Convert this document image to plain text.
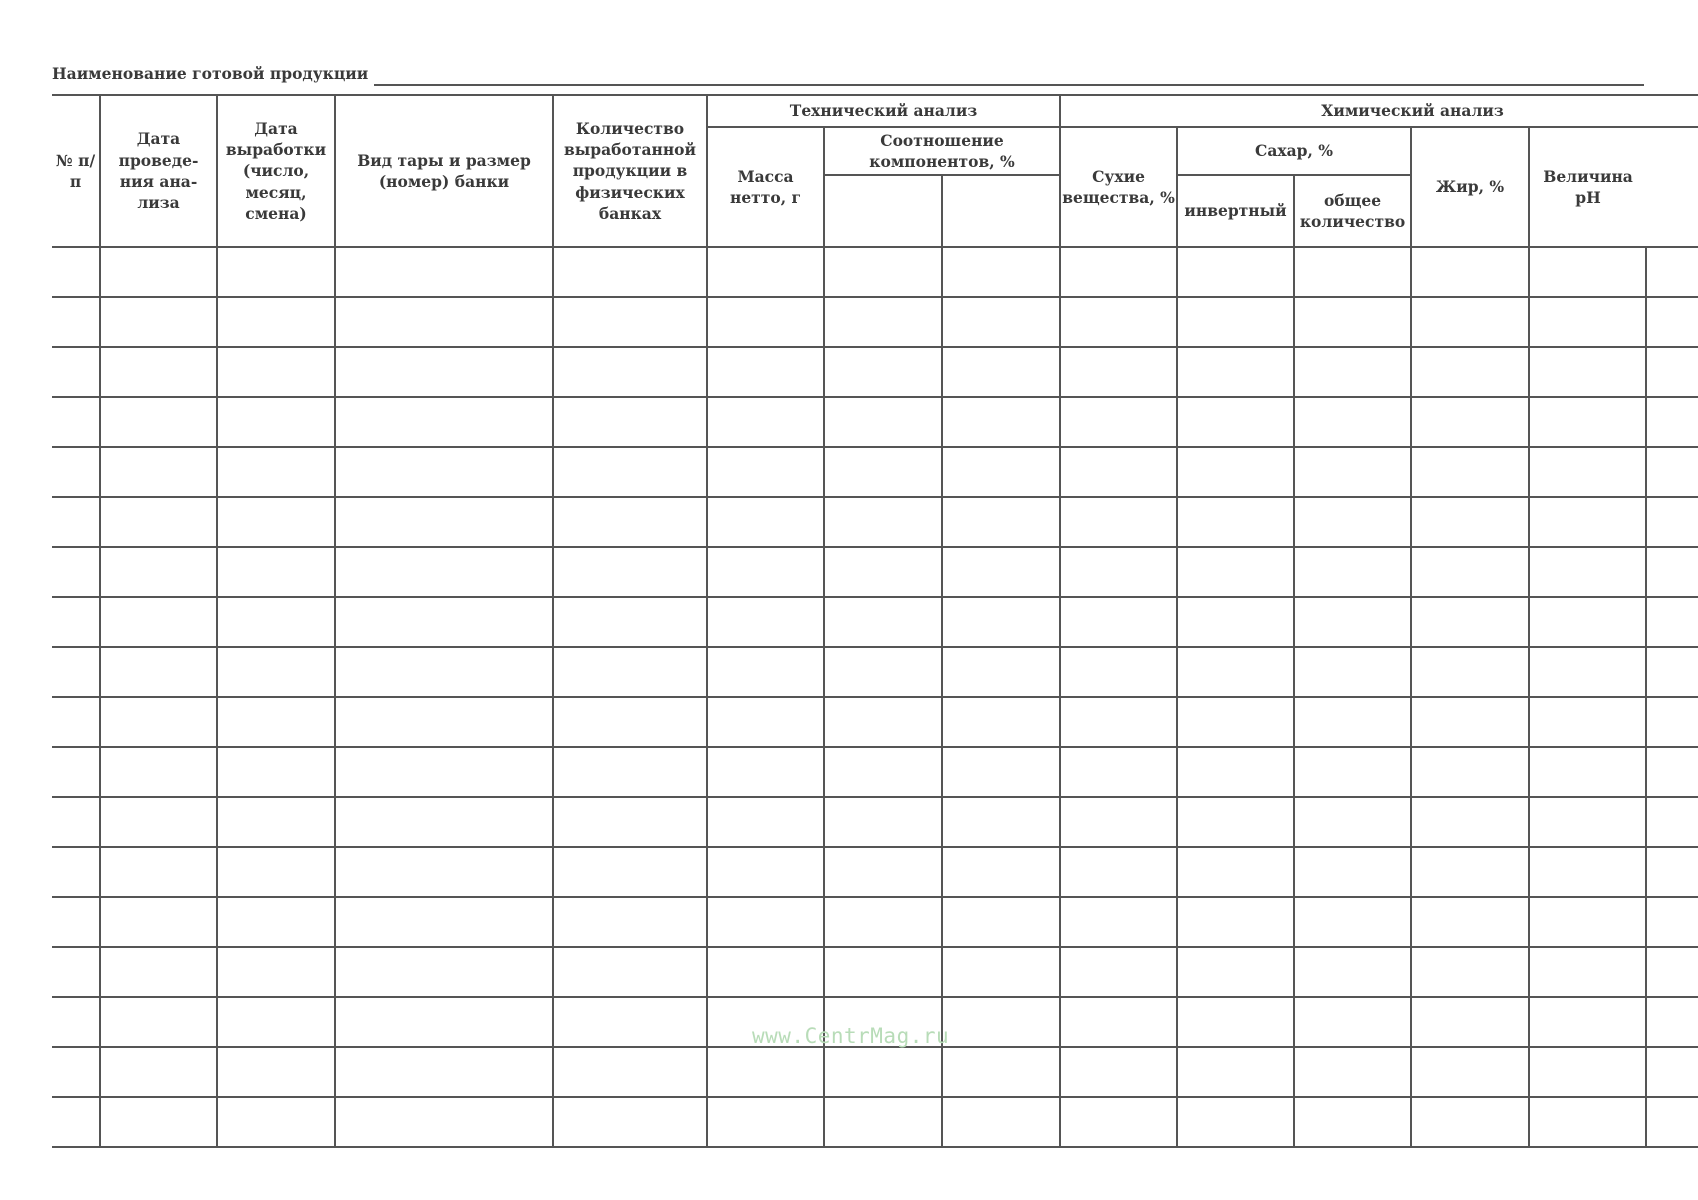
Наименование готовой продукции
№ п/п	Дата проведе- ния ана- лиза	Дата выработки (число, месяц, смена)	Вид тары и размер (номер) банки	Количество выработанной продукции в физических банках	Технический анализ			Химический анализ					
					Масса нетто, г	Соотношение компонентов, %		Сухие вещества, %	Сахар, %		Жир, %	Величина pH	
									инвертный	общее количество			

www.CentrMag.ru
